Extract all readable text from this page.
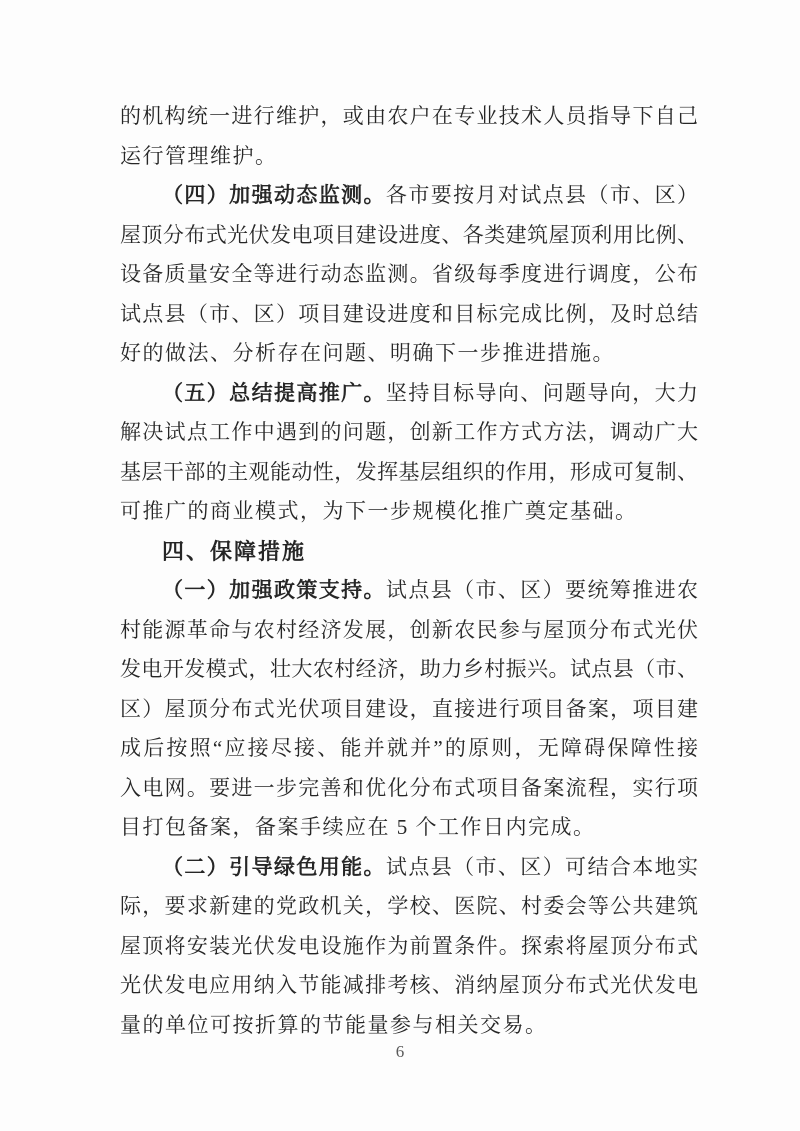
的机构统一进行维护，或由农户在专业技术人员指导下自己
运行管理维护。
（四）加强动态监测。各市要按月对试点县（市、区）
屋顶分布式光伏发电项目建设进度、各类建筑屋顶利用比例、
设备质量安全等进行动态监测。省级每季度进行调度，公布
试点县（市、区）项目建设进度和目标完成比例，及时总结
好的做法、分析存在问题、明确下一步推进措施。
（五）总结提高推广。坚持目标导向、问题导向，大力
解决试点工作中遇到的问题，创新工作方式方法，调动广大
基层干部的主观能动性，发挥基层组织的作用，形成可复制、
可推广的商业模式，为下一步规模化推广奠定基础。
四、保障措施
（一）加强政策支持。试点县（市、区）要统筹推进农
村能源革命与农村经济发展，创新农民参与屋顶分布式光伏
发电开发模式，壮大农村经济，助力乡村振兴。试点县（市、
区）屋顶分布式光伏项目建设，直接进行项目备案，项目建
成后按照“应接尽接、能并就并”的原则，无障碍保障性接
入电网。要进一步完善和优化分布式项目备案流程，实行项
目打包备案，备案手续应在 5 个工作日内完成。
（二）引导绿色用能。试点县（市、区）可结合本地实
际，要求新建的党政机关，学校、医院、村委会等公共建筑
屋顶将安装光伏发电设施作为前置条件。探索将屋顶分布式
光伏发电应用纳入节能减排考核、消纳屋顶分布式光伏发电
量的单位可按折算的节能量参与相关交易。
6
